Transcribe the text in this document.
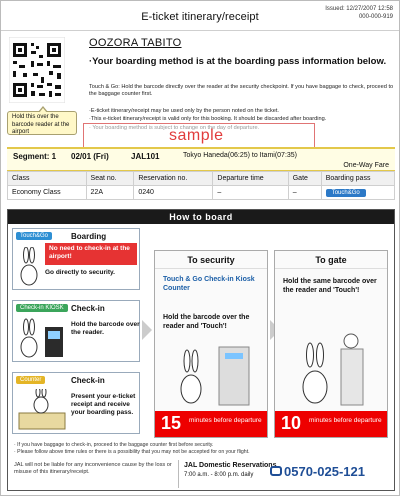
E-ticket itinerary/receipt
Issued: 12/27/2007 12:58
000-000-919
Hold this over the barcode reader at the airport
OOZORA TABITO
·Your boarding method is at the boarding pass information below.
Touch & Go: Hold the barcode directly over the reader at the security checkpoint. If you have baggage to check, proceed to the baggage counter first.
·E-ticket itinerary/receipt may be used only by the person noted on the ticket.
·This e-ticket itinerary/receipt is valid only for this booking. It should be discarded after boarding.
· Your boarding method is subject to change on the day of departure.
sample
Segment: 1 02/01 (Fri)	JAL101	Tokyo Haneda(06:25) to Itami(07:35)
One-Way Fare
Class	Seat no.	Reservation no.	Departure time	Gate	Boarding pass
Economy Class	22A	0240	–	–	Touch&Go
How to board
Touch&Go	Boarding
No need to check-in at the airport!
Go directly to security.
Check-in KIOSK Check-in
Hold the barcode over the reader.
Counter	Check-in
Present your e-ticket receipt and receive your boarding pass.
To security
Touch & Go Check-in Kiosk Counter
Hold the barcode over the reader and 'Touch'!
15 minutes before departure
To gate
Hold the same barcode over the reader and 'Touch'!
10 minutes before departure
· If you have baggage to check-in, proceed to the baggage counter first before security.
· Please follow above time rules or there is a possibility that you may not be accepted for on your flight.
JAL will not be liable for any inconvenience cause by the loss or misuse of this itinerary/receipt.
JAL Domestic Reservations
7:00 a.m. - 8:00 p.m. daily 0570-025-121
